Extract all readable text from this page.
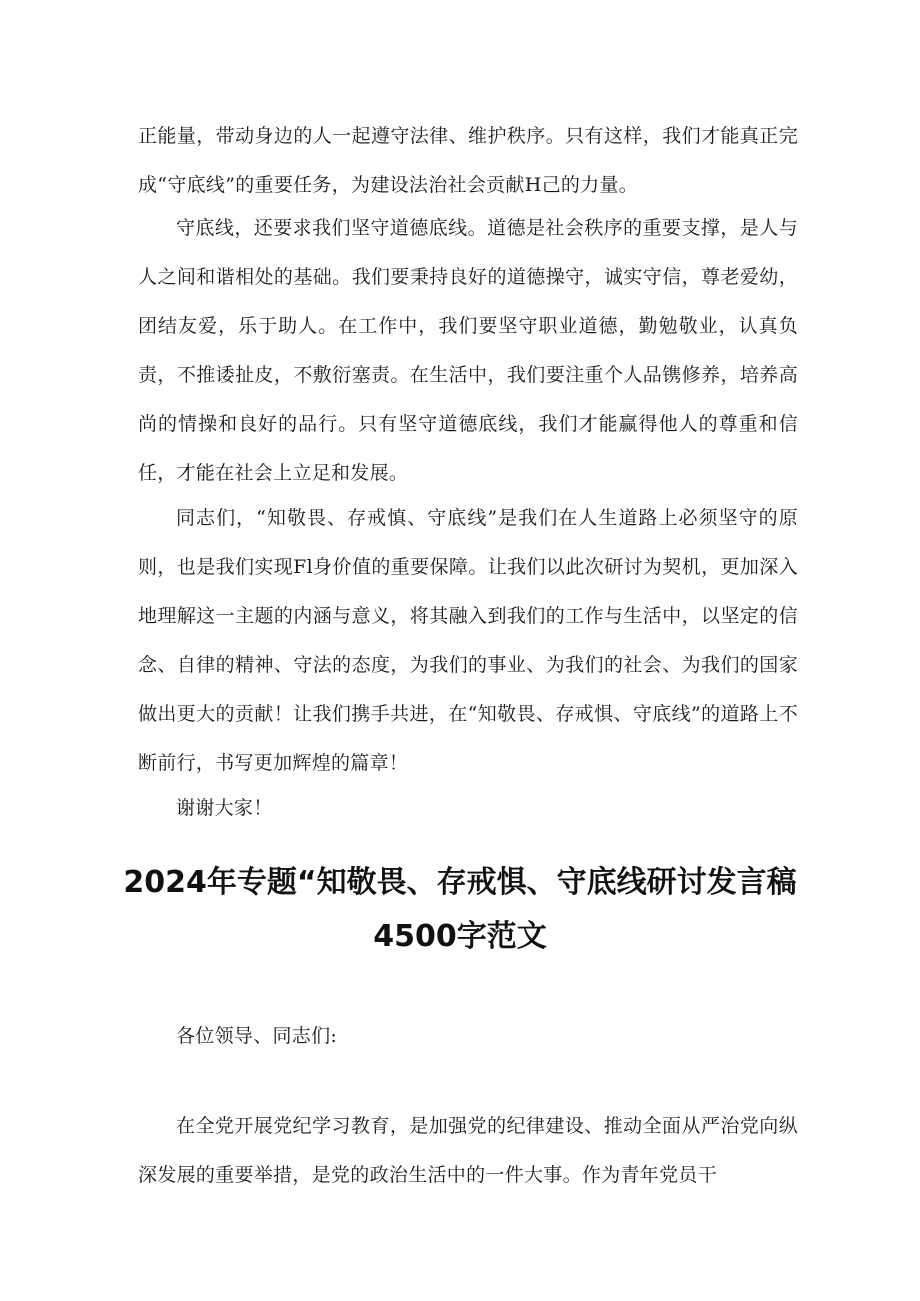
正能量，带动身边的人一起遵守法律、维护秩序。只有这样，我们才能真正完成“守底线”的重要任务，为建设法治社会贡献H己的力量。

守底线，还要求我们坚守道德底线。道德是社会秩序的重要支撑，是人与人之间和谐相处的基础。我们要秉持良好的道德操守，诚实守信，尊老爱幼，团结友爱，乐于助人。在工作中，我们要坚守职业道德，勤勉敬业，认真负责，不推诿扯皮，不敷衍塞责。在生活中，我们要注重个人品镌修养，培养高尚的情操和良好的品行。只有坚守道德底线，我们才能赢得他人的尊重和信任，才能在社会上立足和发展。

同志们，“知敬畏、存戒慎、守底线”是我们在人生道路上必须坚守的原则，也是我们实现Fl身价值的重要保障。让我们以此次研讨为契机，更加深入地理解这一主题的内涵与意义，将其融入到我们的工作与生活中，以坚定的信念、自律的精神、守法的态度，为我们的事业、为我们的社会、为我们的国家做出更大的贡献！让我们携手共进，在“知敬畏、存戒惧、守底线”的道路上不断前行，书写更加辉煌的篇章！

谢谢大家！

2024年专题“知敬畏、存戒惧、守底线研讨发言稿4500字范文

各位领导、同志们:

在全党开展党纪学习教育，是加强党的纪律建设、推动全面从严治党向纵深发展的重要举措，是党的政治生活中的一件大事。作为青年党员干
